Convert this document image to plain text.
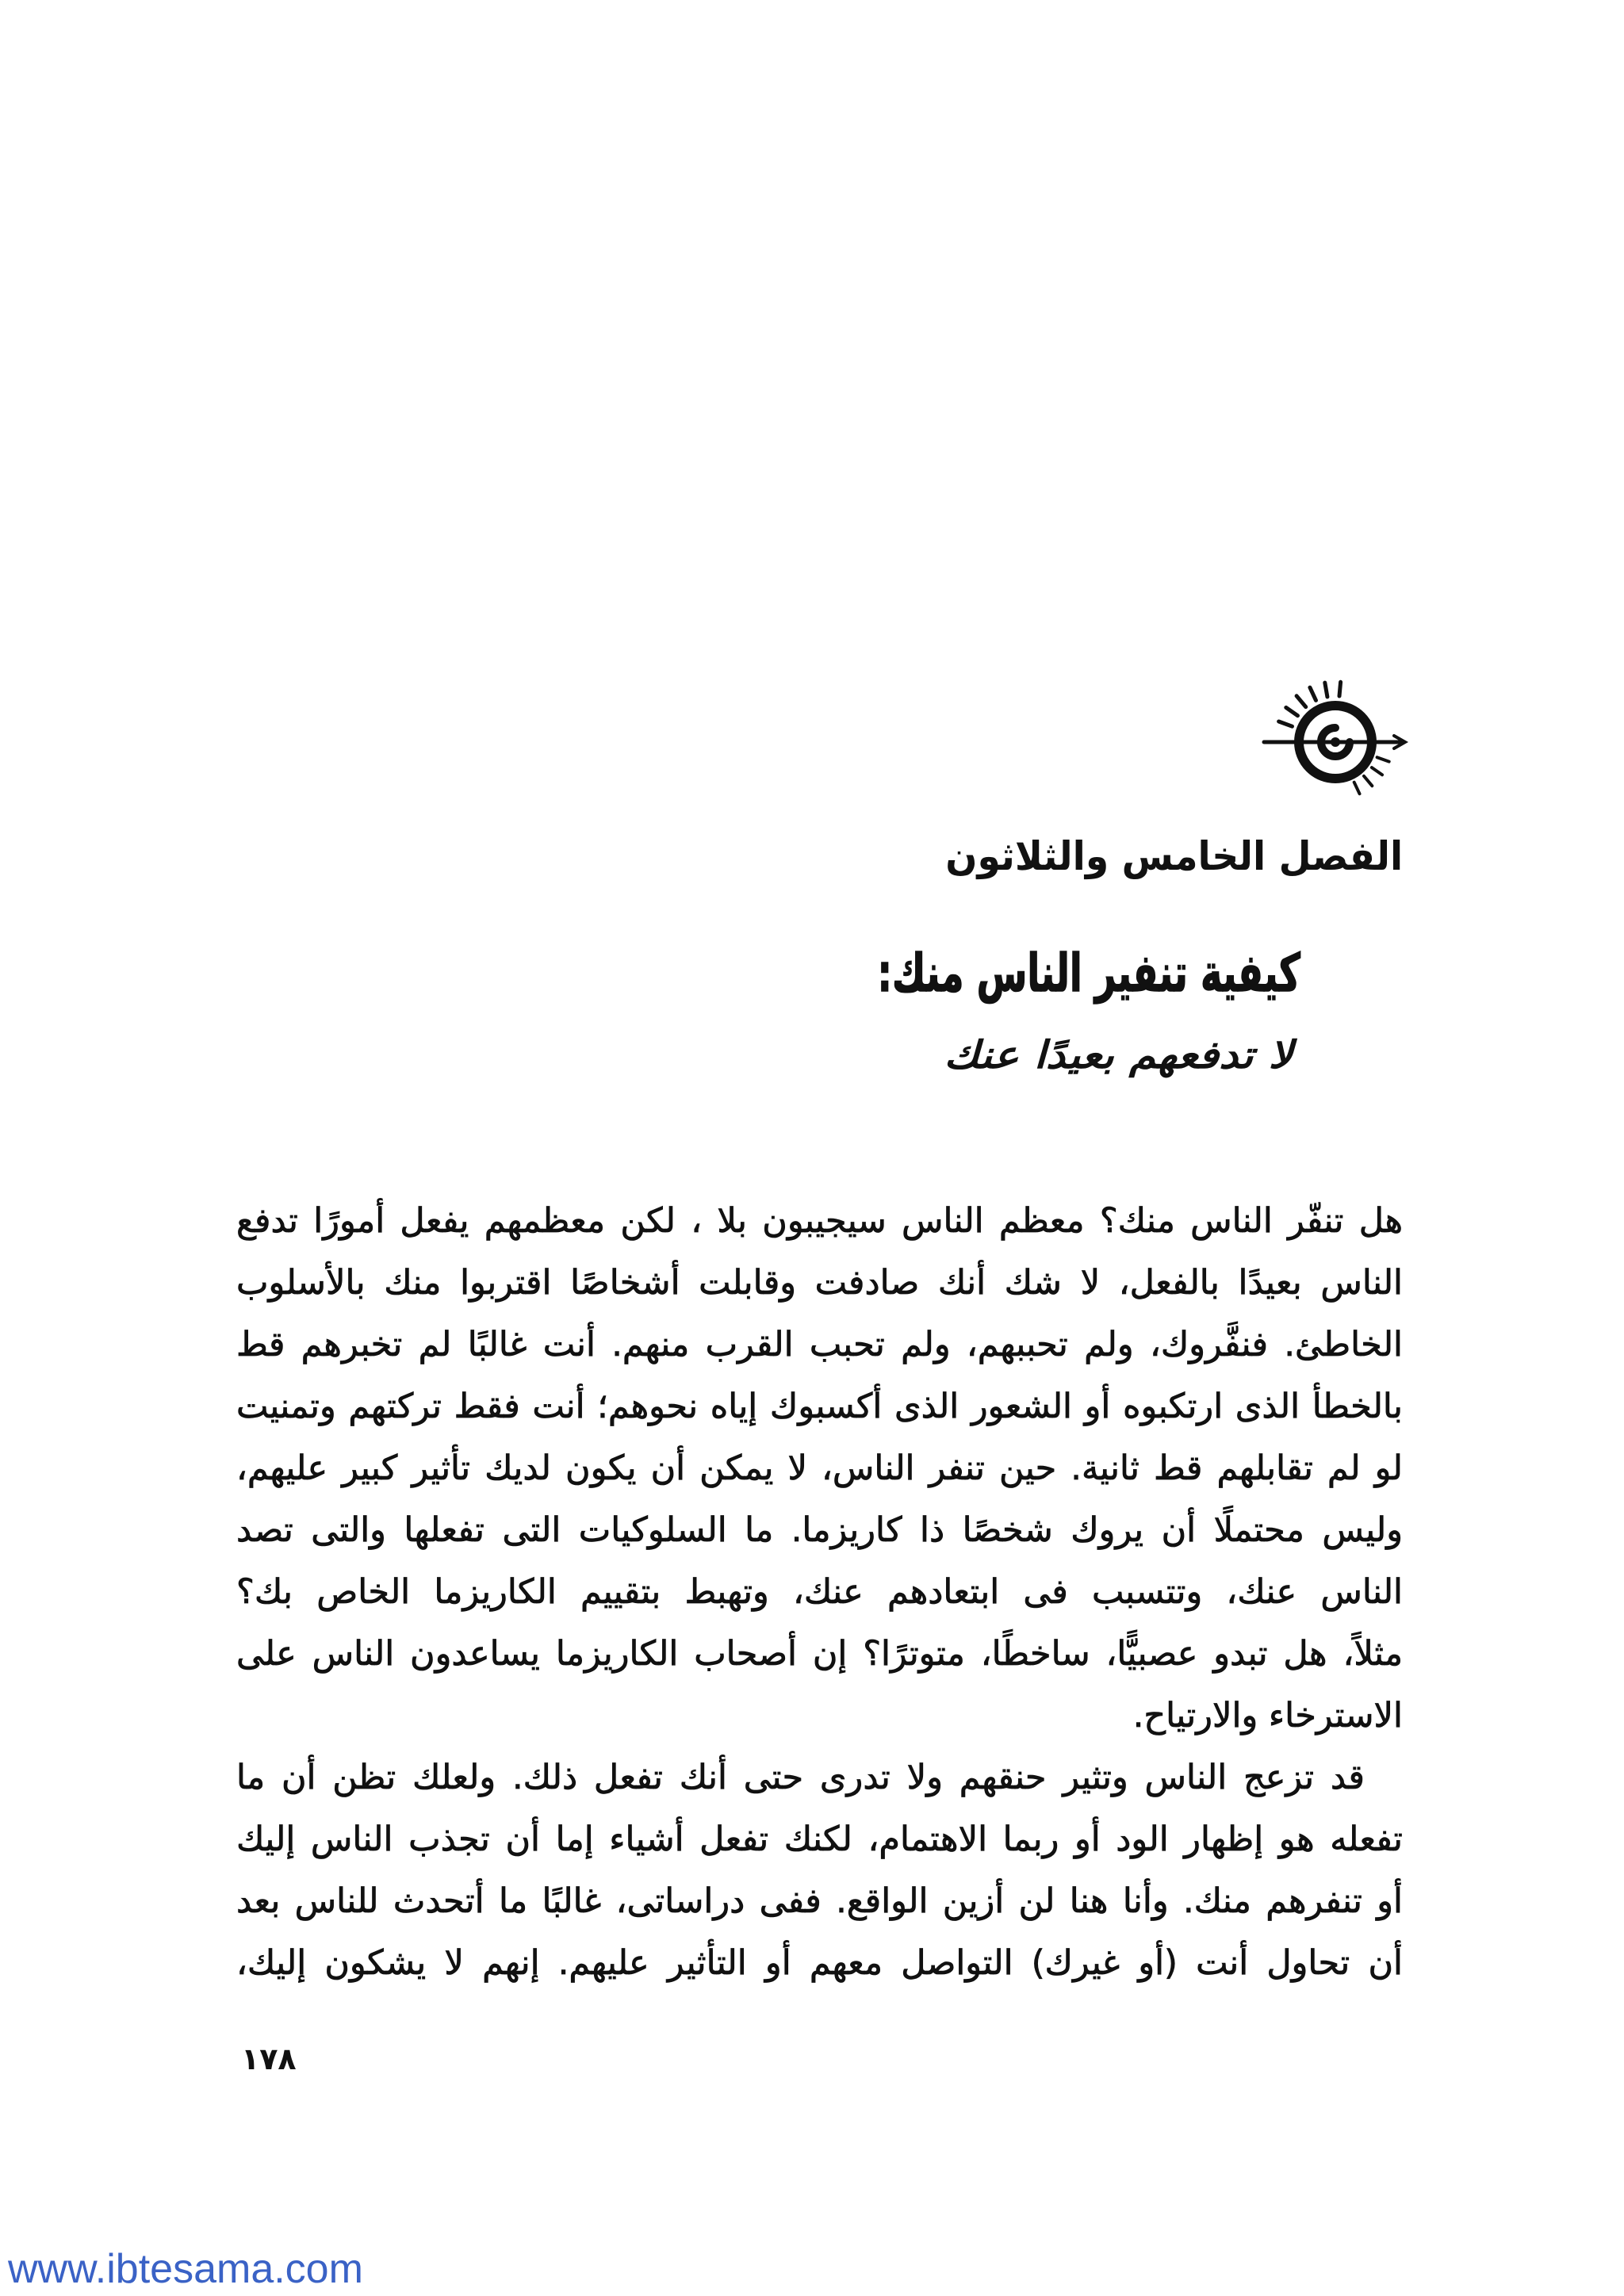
الفصل الخامس والثلاثون
كيفية تنفير الناس منك:
لا تدفعهم بعيدًا عنك
هل تنفّر الناس منك؟ معظم الناس سيجيبون بلا ، لكن معظمهم يفعل أمورًا تدفع
الناس بعيدًا بالفعل، لا شك أنك صادفت وقابلت أشخاصًا اقتربوا منك بالأسلوب
الخاطئ. فنفَّروك، ولم تحببهم، ولم تحبب القرب منهم. أنت غالبًا لم تخبرهم قط
بالخطأ الذى ارتكبوه أو الشعور الذى أكسبوك إياه نحوهم؛ أنت فقط تركتهم وتمنيت
لو لم تقابلهم قط ثانية. حين تنفر الناس، لا يمكن أن يكون لديك تأثير كبير عليهم،
وليس محتملًا أن يروك شخصًا ذا كاريزما. ما السلوكيات التى تفعلها والتى تصد
الناس عنك، وتتسبب فى ابتعادهم عنك، وتهبط بتقييم الكاريزما الخاص بك؟
مثلاً، هل تبدو عصبيًّا، ساخطًا، متوترًا؟ إن أصحاب الكاريزما يساعدون الناس على
الاسترخاء والارتياح.
قد تزعج الناس وتثير حنقهم ولا تدرى حتى أنك تفعل ذلك. ولعلك تظن أن ما
تفعله هو إظهار الود أو ربما الاهتمام، لكنك تفعل أشياء إما أن تجذب الناس إليك
أو تنفرهم منك. وأنا هنا لن أزين الواقع. ففى دراساتى، غالبًا ما أتحدث للناس بعد
أن تحاول أنت (أو غيرك) التواصل معهم أو التأثير عليهم. إنهم لا يشكون إليك،
١٧٨
www.ibtesama.com
